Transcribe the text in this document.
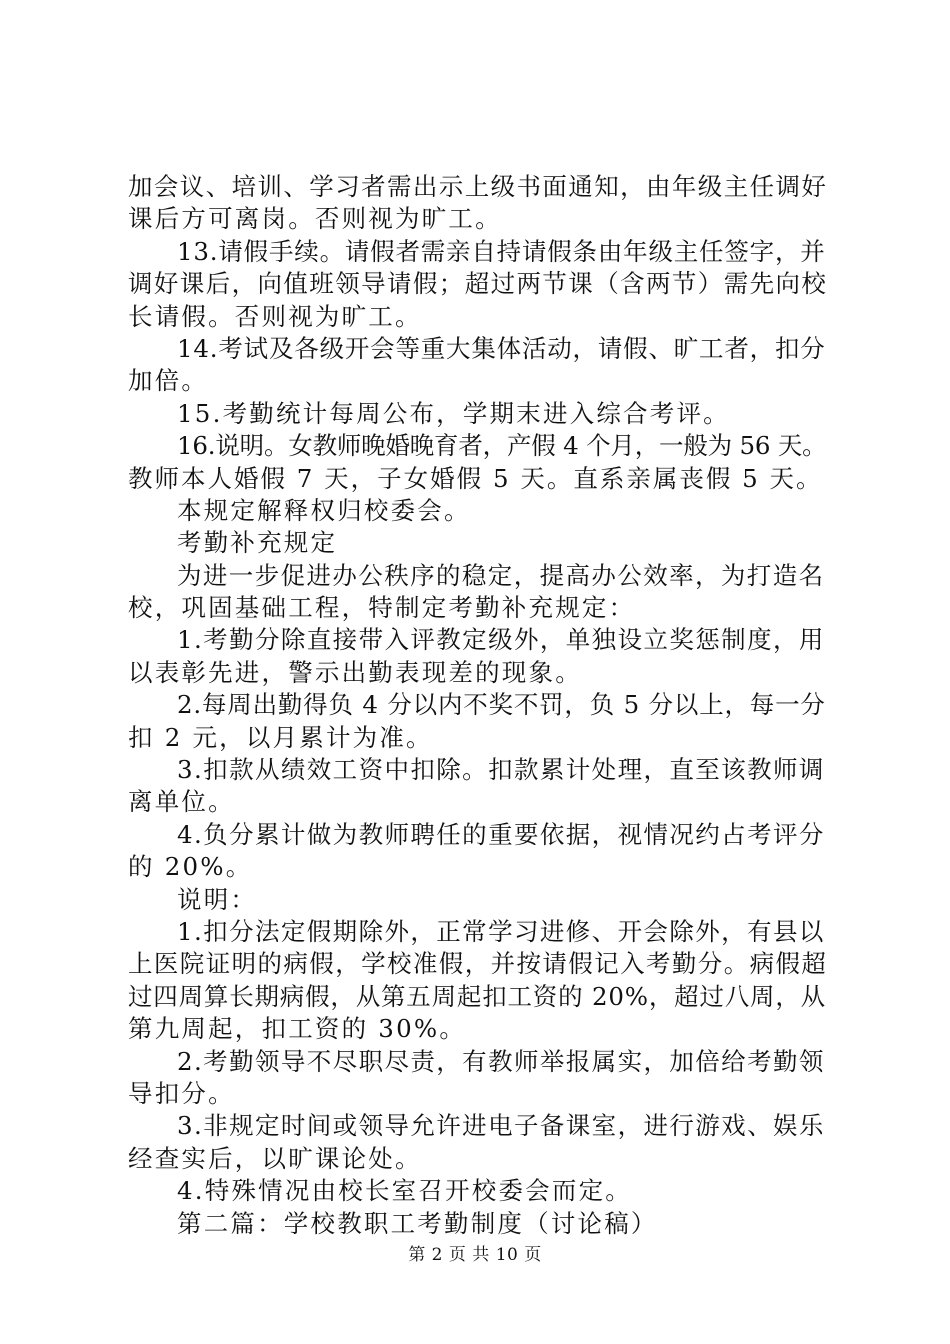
加会议、培训、学习者需出示上级书面通知，由年级主任调好
课后方可离岗。否则视为旷工。
13.请假手续。请假者需亲自持请假条由年级主任签字，并
调好课后，向值班领导请假；超过两节课（含两节）需先向校
长请假。否则视为旷工。
14.考试及各级开会等重大集体活动，请假、旷工者，扣分
加倍。
15.考勤统计每周公布，学期末进入综合考评。
16.说明。女教师晚婚晚育者，产假 4 个月，一般为 56 天。
教师本人婚假 7 天，子女婚假 5 天。直系亲属丧假 5 天。
本规定解释权归校委会。
考勤补充规定
为进一步促进办公秩序的稳定，提高办公效率，为打造名
校，巩固基础工程，特制定考勤补充规定：
1.考勤分除直接带入评教定级外，单独设立奖惩制度，用
以表彰先进，警示出勤表现差的现象。
2.每周出勤得负 4 分以内不奖不罚，负 5 分以上，每一分
扣 2 元，以月累计为准。
3.扣款从绩效工资中扣除。扣款累计处理，直至该教师调
离单位。
4.负分累计做为教师聘任的重要依据，视情况约占考评分
的 20%。
说明：
1.扣分法定假期除外，正常学习进修、开会除外，有县以
上医院证明的病假，学校准假，并按请假记入考勤分。病假超
过四周算长期病假，从第五周起扣工资的 20%，超过八周，从
第九周起，扣工资的 30%。
2.考勤领导不尽职尽责，有教师举报属实，加倍给考勤领
导扣分。
3.非规定时间或领导允许进电子备课室，进行游戏、娱乐
经查实后，以旷课论处。
4.特殊情况由校长室召开校委会而定。
第二篇：学校教职工考勤制度（讨论稿）
第 2 页 共 10 页
